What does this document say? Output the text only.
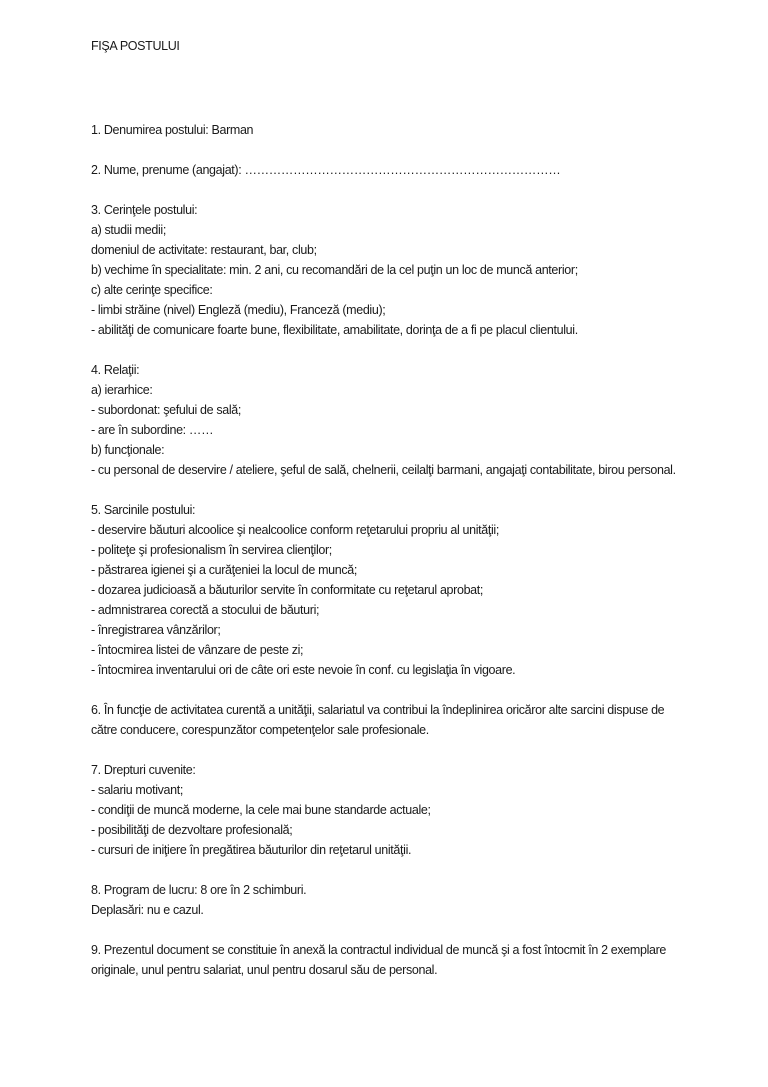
FIŞA POSTULUI
1. Denumirea postului: Barman
2. Nume, prenume (angajat): ……………………………………………………………………
3. Cerinţele postului:
a) studii medii;
domeniul de activitate: restaurant, bar, club;
b) vechime în specialitate: min. 2 ani, cu recomandări de la cel puţin un loc de muncă anterior;
c) alte cerinţe specifice:
- limbi străine (nivel) Engleză (mediu), Franceză (mediu);
- abilităţi de comunicare foarte bune, flexibilitate, amabilitate, dorinţa de a fi pe placul clientului.
4. Relaţii:
a) ierarhice:
- subordonat: şefului de sală;
- are în subordine: ……
b) funcţionale:
- cu personal de deservire / ateliere, şeful de sală, chelnerii, ceilalţi barmani, angajaţi contabilitate, birou personal.
5. Sarcinile postului:
- deservire băuturi alcoolice şi nealcoolice conform reţetarului propriu al unităţii;
- politeţe şi profesionalism în servirea clienţilor;
- păstrarea igienei şi a curăţeniei la locul de muncă;
- dozarea judicioasă a băuturilor servite în conformitate cu reţetarul aprobat;
- admnistrarea corectă a stocului de băuturi;
- înregistrarea vânzărilor;
- întocmirea listei de vânzare de peste zi;
- întocmirea inventarului ori de câte ori este nevoie în conf. cu legislaţia în vigoare.
6. În funcţie de activitatea curentă a unităţii, salariatul va contribui la îndeplinirea oricăror alte sarcini dispuse de către conducere, corespunzător competenţelor sale profesionale.
7. Drepturi cuvenite:
- salariu motivant;
- condiţii de muncă moderne, la cele mai bune standarde actuale;
- posibilităţi de dezvoltare profesională;
- cursuri de iniţiere în pregătirea băuturilor din reţetarul unităţii.
8. Program de lucru: 8 ore în 2 schimburi.
Deplasări: nu e cazul.
9. Prezentul document se constituie în anexă la contractul individual de muncă şi a fost întocmit în 2 exemplare originale, unul pentru salariat, unul pentru dosarul său de personal.
